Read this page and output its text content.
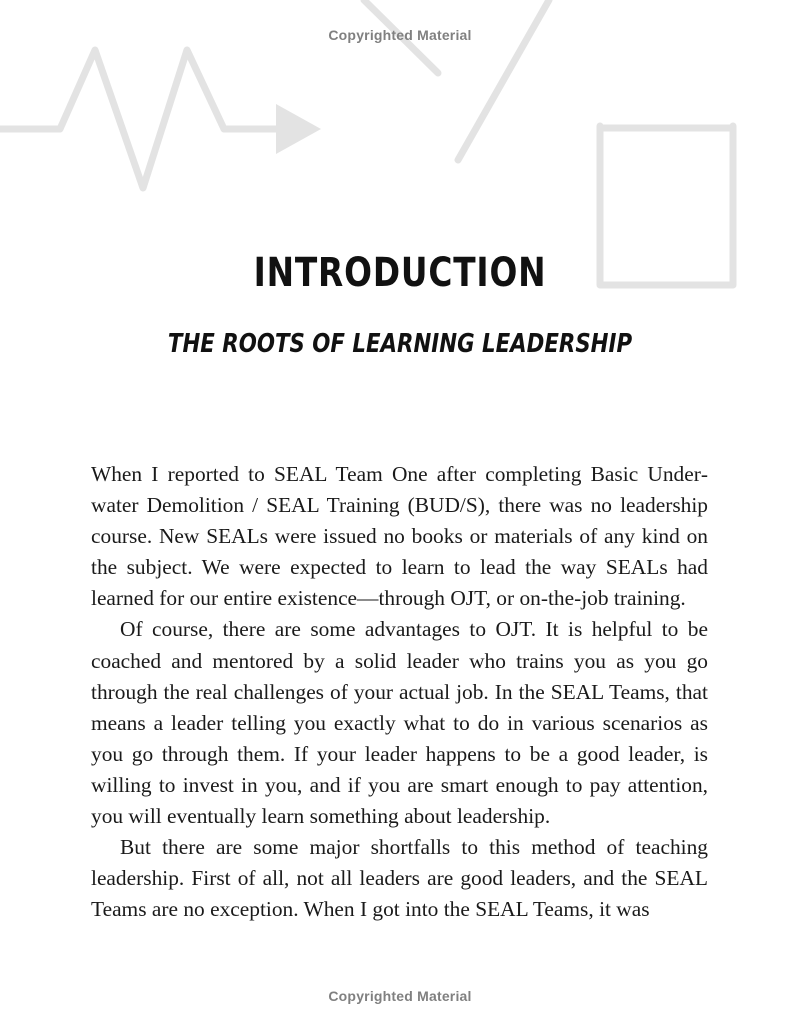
Copyrighted Material
INTRODUCTION
THE ROOTS OF LEARNING LEADERSHIP

When I reported to SEAL Team One after completing Basic Underwater Demolition / SEAL Training (BUD/S), there was no leadership course. New SEALs were issued no books or materials of any kind on the subject. We were expected to learn to lead the way SEALs had learned for our entire existence—through OJT, or on-the-job training.

Of course, there are some advantages to OJT. It is helpful to be coached and mentored by a solid leader who trains you as you go through the real challenges of your actual job. In the SEAL Teams, that means a leader telling you exactly what to do in various scenarios as you go through them. If your leader happens to be a good leader, is willing to invest in you, and if you are smart enough to pay attention, you will eventually learn something about leadership.

But there are some major shortfalls to this method of teaching leadership. First of all, not all leaders are good leaders, and the SEAL Teams are no exception. When I got into the SEAL Teams, it was

Copyrighted Material
